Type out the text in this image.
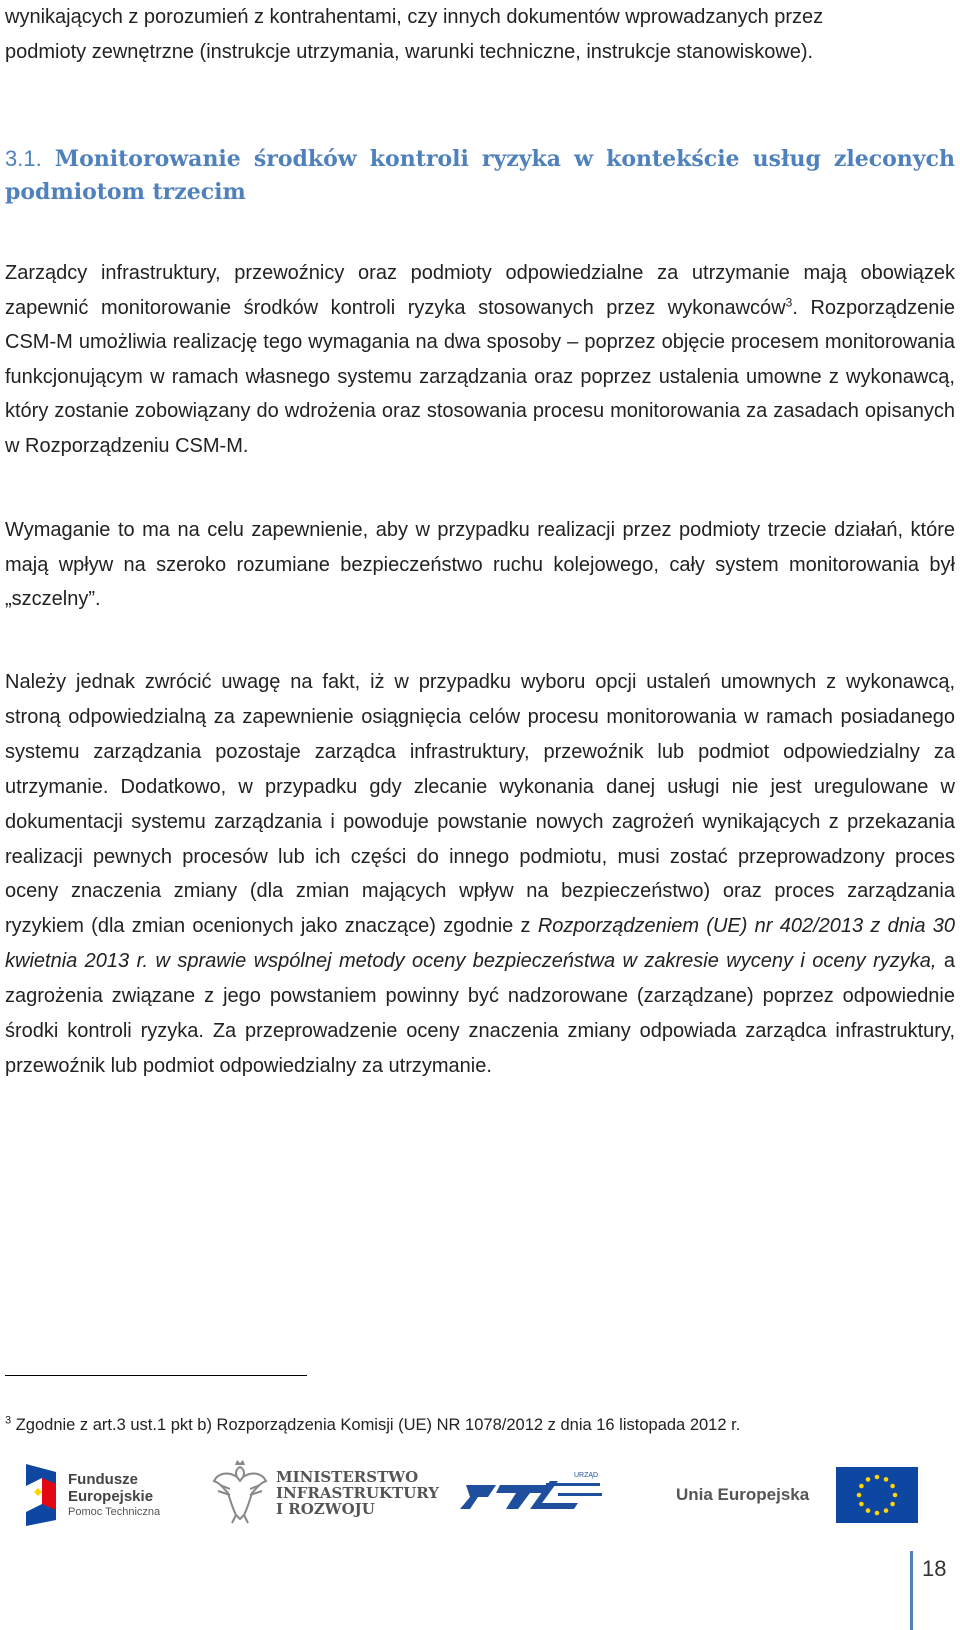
wynikających z porozumień z kontrahentami, czy innych dokumentów wprowadzanych przez
podmioty zewnętrzne (instrukcje utrzymania, warunki techniczne, instrukcje stanowiskowe).
3.1. Monitorowanie środków kontroli ryzyka w kontekście usług zleconych podmiotom trzecim
Zarządcy infrastruktury, przewoźnicy oraz podmioty odpowiedzialne za utrzymanie mają obowiązek zapewnić monitorowanie środków kontroli ryzyka stosowanych przez wykonawców$^3$. Rozporządzenie CSM-M umożliwia realizację tego wymagania na dwa sposoby – poprzez objęcie procesem monitorowania funkcjonującym w ramach własnego systemu zarządzania oraz poprzez ustalenia umowne z wykonawcą, który zostanie zobowiązany do wdrożenia oraz stosowania procesu monitorowania za zasadach opisanych w Rozporządzeniu CSM-M.
Wymaganie to ma na celu zapewnienie, aby w przypadku realizacji przez podmioty trzecie działań, które mają wpływ na szeroko rozumiane bezpieczeństwo ruchu kolejowego, cały system monitorowania był „szczelny”.
Należy jednak zwrócić uwagę na fakt, iż w przypadku wyboru opcji ustaleń umownych z wykonawcą, stroną odpowiedzialną za zapewnienie osiągnięcia celów procesu monitorowania w ramach posiadanego systemu zarządzania pozostaje zarządca infrastruktury, przewoźnik lub podmiot odpowiedzialny za utrzymanie. Dodatkowo, w przypadku gdy zlecanie wykonania danej usługi nie jest uregulowane w dokumentacji systemu zarządzania i powoduje powstanie nowych zagrożeń wynikających z przekazania realizacji pewnych procesów lub ich części do innego podmiotu, musi zostać przeprowadzony proces oceny znaczenia zmiany (dla zmian mających wpływ na bezpieczeństwo) oraz proces zarządzania ryzykiem (dla zmian ocenionych jako znaczące) zgodnie z Rozporządzeniem (UE) nr 402/2013 z dnia 30 kwietnia 2013 r. w sprawie wspólnej metody oceny bezpieczeństwa w zakresie wyceny i oceny ryzyka, a zagrożenia związane z jego powstaniem powinny być nadzorowane (zarządzane) poprzez odpowiednie środki kontroli ryzyka. Za przeprowadzenie oceny znaczenia zmiany odpowiada zarządca infrastruktury, przewoźnik lub podmiot odpowiedzialny za utrzymanie.
$^3$ Zgodnie z art.3 ust.1 pkt b) Rozporządzenia Komisji (UE) NR 1078/2012 z dnia 16 listopada 2012 r.
Fundusze
Europejskie
Pomoc Techniczna
MINISTERSTWO
INFRASTRUKTURY
I ROZWOJU
URZĄD
Unia Europejska
18
